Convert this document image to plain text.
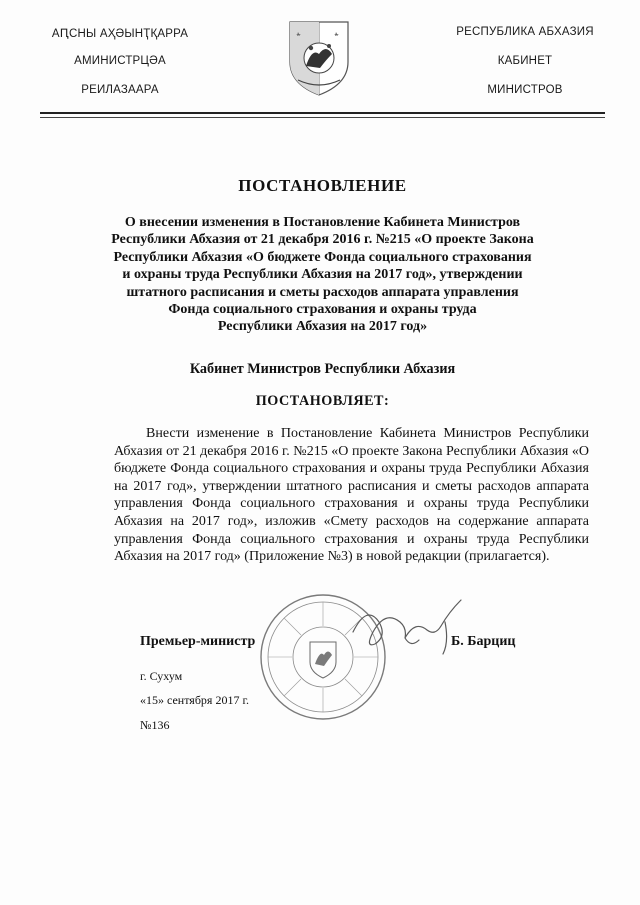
АԤСНЫ АҲӘЫНҬҚАРРА
АМИНИСТРЦӘА
РЕИЛАЗААРА
РЕСПУБЛИКА АБХАЗИЯ
КАБИНЕТ
МИНИСТРОВ
ПОСТАНОВЛЕНИЕ
О внесении изменения в Постановление Кабинета Министров
Республики Абхазия от 21 декабря 2016 г. №215 «О проекте Закона
Республики Абхазия «О бюджете Фонда социального страхования
и охраны труда Республики Абхазия на 2017 год», утверждении
штатного расписания и сметы расходов аппарата управления
Фонда социального страхования и охраны труда
Республики Абхазия на 2017 год»
Кабинет Министров Республики Абхазия
ПОСТАНОВЛЯЕТ:
Внести изменение в Постановление Кабинета Министров Республики Абхазия от 21 декабря 2016 г. №215 «О проекте Закона Республики Абхазия «О бюджете Фонда социального страхования и охраны труда Республики Абхазия на 2017 год», утверждении штатного расписания и сметы расходов аппарата управления Фонда социального страхования и охраны труда Республики Абхазия на 2017 год», изложив «Смету расходов на содержание аппарата управления Фонда социального страхования и охраны труда Республики Абхазия на 2017 год» (Приложение №3) в новой редакции (прилагается).
Премьер-министр	Б. Барциц
г. Сухум
«15» сентября 2017 г.
№136
